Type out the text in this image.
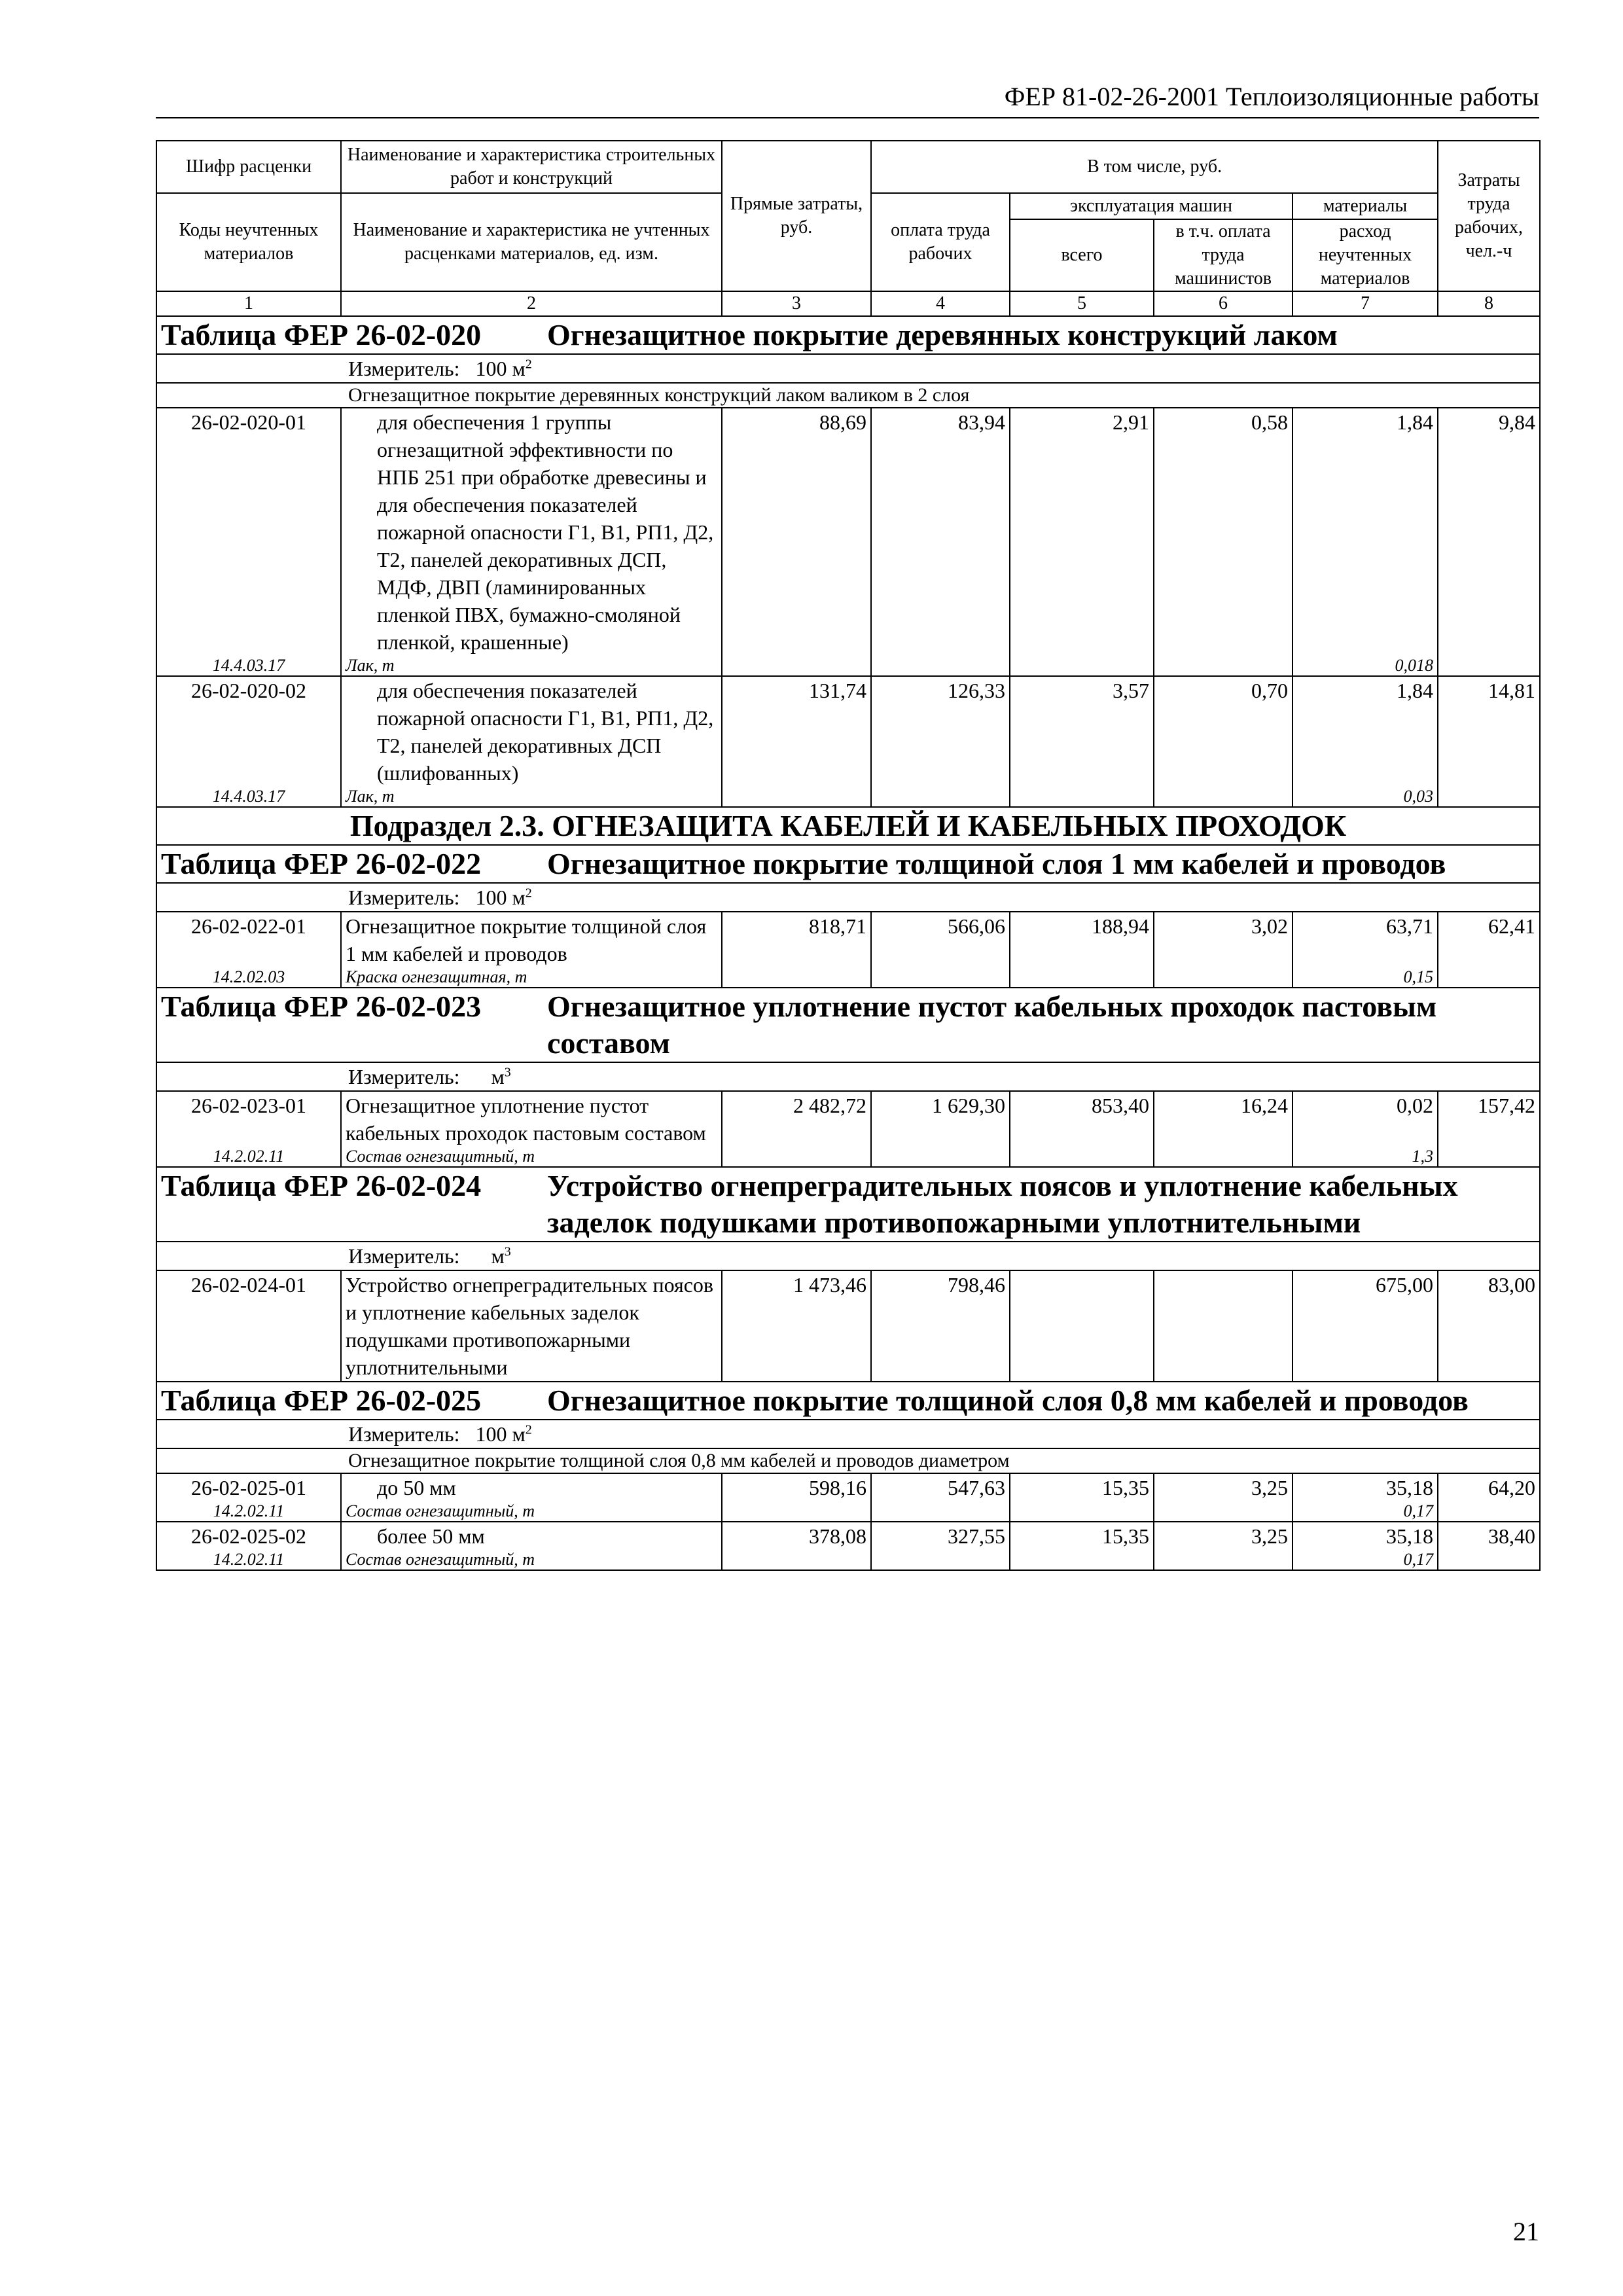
ФЕР 81-02-26-2001 Теплоизоляционные работы
Шифр расценки	Наименование и характеристика строительных работ и конструкций	Прямые затраты, руб.	В том числе, руб.				Затраты труда рабочих, чел.-ч
Коды неучтенных материалов	Наименование и характеристика не учтенных расценками материалов, ед. изм.		оплата труда рабочих	эксплуатация машин		материалы	
				всего	в т.ч. оплата труда машинистов	расход неучтенных материалов	
1	2	3	4	5	6	7	8
Таблица ФЕР 26-02-020 Огнезащитное покрытие деревянных конструкций лаком							
Измеритель: 100 $м^2$
Огнезащитное покрытие деревянных конструкций лаком валиком в 2 слоя							
26-02-020-01	для обеспечения 1 группы огнезащитной эффективности по НПБ 251 при обработке древесины и для обеспечения показателей пожарной опасности Г1, В1, РП1, Д2, Т2, панелей декоративных ДСП, МДФ, ДВП (ламинированных пленкой ПВХ, бумажно-смоляной пленкой, крашенные)	88,69	83,94	2,91	0,58	1,84	9,84
14.4.03.17	Лак, т					0,018	
26-02-020-02	для обеспечения показателей пожарной опасности Г1, В1, РП1, Д2, Т2, панелей декоративных ДСП (шлифованных)	131,74	126,33	3,57	0,70	1,84	14,81
14.4.03.17	Лак, т					0,03	
Подраздел 2.3. ОГНЕЗАЩИТА КАБЕЛЕЙ И КАБЕЛЬНЫХ ПРОХОДОК							
Таблица ФЕР 26-02-022 Огнезащитное покрытие толщиной слоя 1 мм кабелей и проводов							
Измеритель: 100 $м^2$
26-02-022-01	Огнезащитное покрытие толщиной слоя 1 мм кабелей и проводов	818,71	566,06	188,94	3,02	63,71	62,41
14.2.02.03	Краска огнезащитная, т					0,15	
Таблица ФЕР 26-02-023 Огнезащитное уплотнение пустот кабельных проходок пастовым составом							
Измеритель: $м^3$
26-02-023-01	Огнезащитное уплотнение пустот кабельных проходок пастовым составом	2 482,72	1 629,30	853,40	16,24	0,02	157,42
14.2.02.11	Состав огнезащитный, т					1,3	
Таблица ФЕР 26-02-024 Устройство огнепреградительных поясов и уплотнение кабельных заделок подушками противопожарными уплотнительными							
Измеритель: $м^3$
26-02-024-01	Устройство огнепреградительных поясов и уплотнение кабельных заделок подушками противопожарными уплотнительными	1 473,46	798,46			675,00	83,00
Таблица ФЕР 26-02-025 Огнезащитное покрытие толщиной слоя 0,8 мм кабелей и проводов							
Измеритель: 100 $м^2$
Огнезащитное покрытие толщиной слоя 0,8 мм кабелей и проводов диаметром							
26-02-025-01	до 50 мм	598,16	547,63	15,35	3,25	35,18	64,20
14.2.02.11	Состав огнезащитный, т					0,17	
26-02-025-02	более 50 мм	378,08	327,55	15,35	3,25	35,18	38,40
14.2.02.11	Состав огнезащитный, т					0,17	
21
